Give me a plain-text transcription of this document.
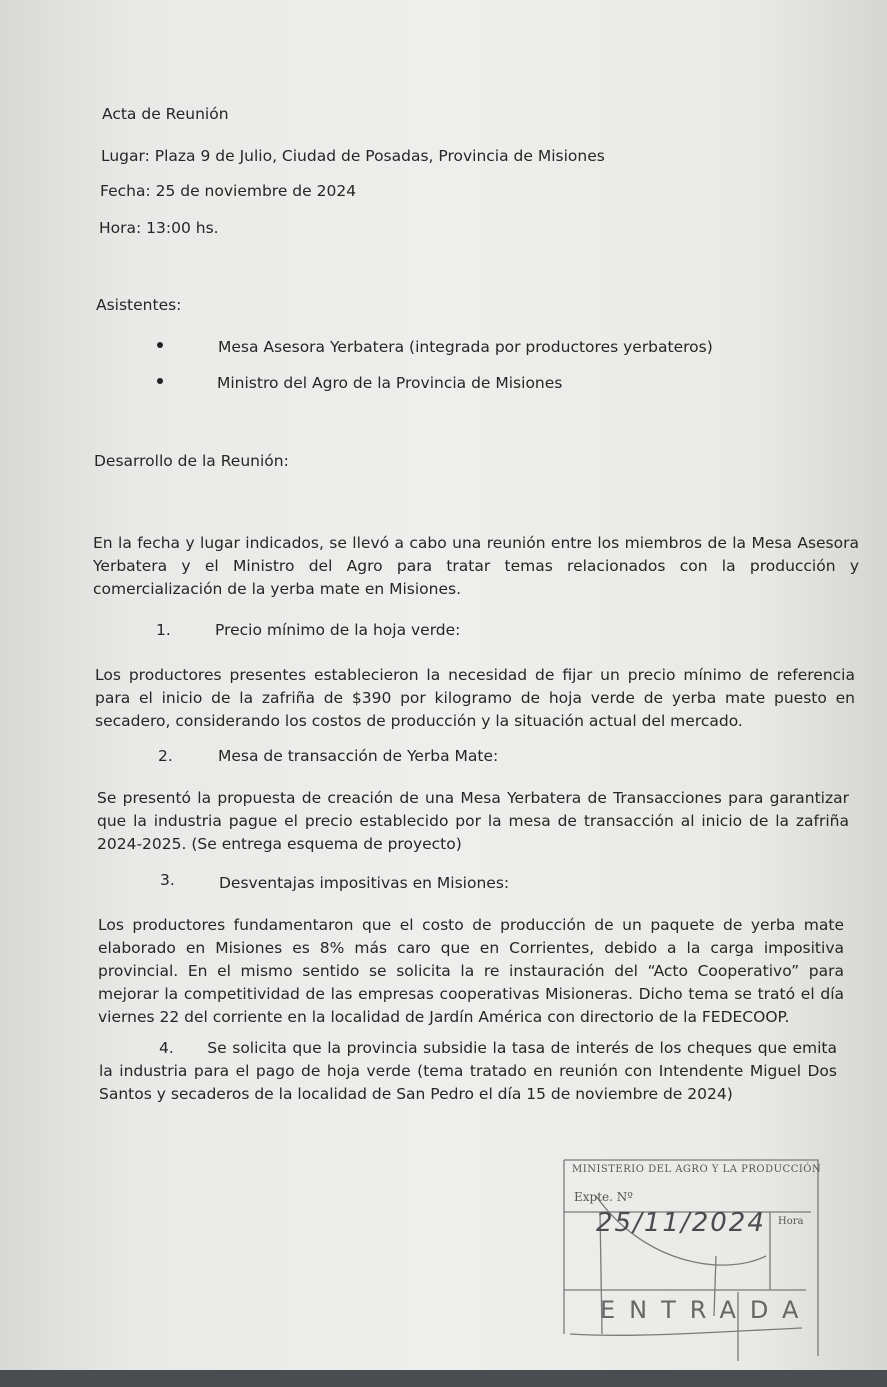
Acta de Reunión
Lugar: Plaza 9 de Julio, Ciudad de Posadas, Provincia de Misiones
Fecha: 25 de noviembre de 2024
Hora: 13:00 hs.
Asistentes:
Mesa Asesora Yerbatera (integrada por productores yerbateros)
Ministro del Agro de la Provincia de Misiones
Desarrollo de la Reunión:
En la fecha y lugar indicados, se llevó a cabo una reunión entre los miembros de la Mesa Asesora Yerbatera y el Ministro del Agro para tratar temas relacionados con la producción y comercialización de la yerba mate en Misiones.
1.	Precio mínimo de la hoja verde:
Los productores presentes establecieron la necesidad de fijar un precio mínimo de referencia para el inicio de la zafriña de $390 por kilogramo de hoja verde de yerba mate puesto en secadero, considerando los costos de producción y la situación actual del mercado.
2.	Mesa de transacción de Yerba Mate:
Se presentó la propuesta de creación de una Mesa Yerbatera de Transacciones para garantizar que la industria pague el precio establecido por la mesa de transacción al inicio de la zafriña 2024-2025. (Se entrega esquema de proyecto)
3.	Desventajas impositivas en Misiones:
Los productores fundamentaron que el costo de producción de un paquete de yerba mate elaborado en Misiones es 8% más caro que en Corrientes, debido a la carga impositiva provincial. En el mismo sentido se solicita la re instauración del “Acto Cooperativo” para mejorar la competitividad de las empresas cooperativas Misioneras. Dicho tema se trató el día viernes 22 del corriente en la localidad de Jardín América con directorio de la FEDECOOP.
4. Se solicita que la provincia subsidie la tasa de interés de los cheques que emita la industria para el pago de hoja verde (tema tratado en reunión con Intendente Miguel Dos Santos y secaderos de la localidad de San Pedro el día 15 de noviembre de 2024)
MINISTERIO DEL AGRO Y LA PRODUCCIÓN
Expte. Nº
25/11/2024 Hora
ENTRADA
